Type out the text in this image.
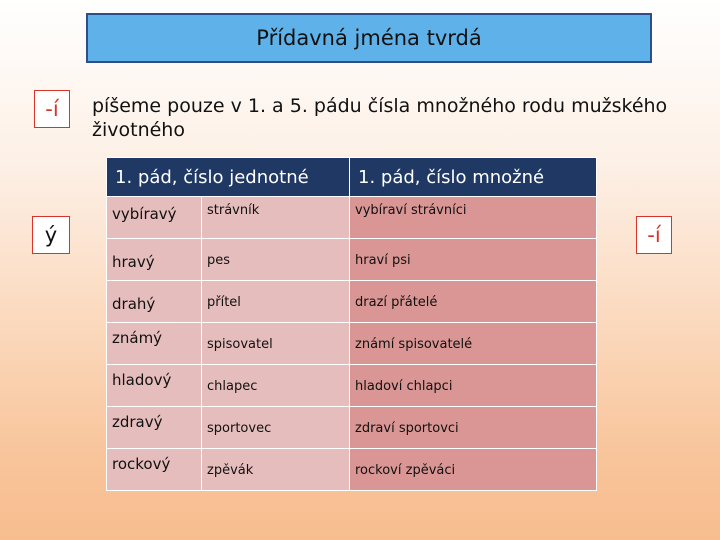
Přídavná jména tvrdá
-í
ý	-í
píšeme pouze v 1. a 5. pádu čísla množného rodu mužského životného
1. pád, číslo jednotné		1. pád, číslo množné
vybíravý	strávník	vybíraví strávníci
hravý	pes	hraví psi
drahý	přítel	drazí přátelé
známý	spisovatel	známí spisovatelé
hladový	chlapec	hladoví chlapci
zdravý	sportovec	zdraví sportovci
rockový	zpěvák	rockoví zpěváci
